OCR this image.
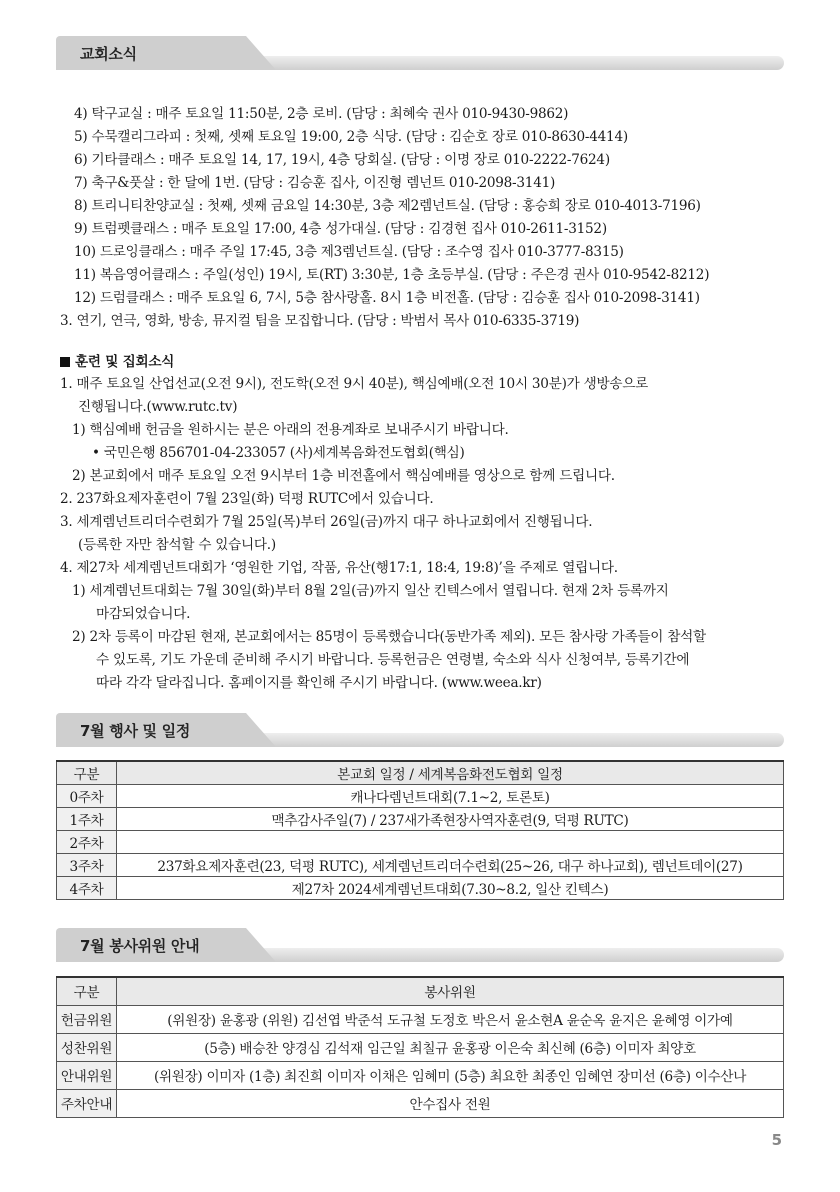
교회소식
4) 탁구교실 : 매주 토요일 11:50분, 2층 로비. (담당 : 최혜숙 권사 010-9430-9862)
5) 수묵캘리그라피 : 첫째, 셋째 토요일 19:00, 2층 식당. (담당 : 김순호 장로 010-8630-4414)
6) 기타클래스 : 매주 토요일 14, 17, 19시, 4층 당회실. (담당 : 이명 장로 010-2222-7624)
7) 축구&풋살 : 한 달에 1번. (담당 : 김승훈 집사, 이진형 렘넌트 010-2098-3141)
8) 트리니티찬양교실 : 첫째, 셋째 금요일 14:30분, 3층 제2렘넌트실. (담당 : 홍승희 장로 010-4013-7196)
9) 트럼펫클래스 : 매주 토요일 17:00, 4층 성가대실. (담당 : 김경현 집사 010-2611-3152)
10) 드로잉클래스 : 매주 주일 17:45, 3층 제3렘넌트실. (담당 : 조수영 집사 010-3777-8315)
11) 복음영어클래스 : 주일(성인) 19시, 토(RT) 3:30분, 1층 초등부실. (담당 : 주은경 권사 010-9542-8212)
12) 드럼클래스 : 매주 토요일 6, 7시, 5층 참사랑홀. 8시 1층 비전홀. (담당 : 김승훈 집사 010-2098-3141)
3. 연기, 연극, 영화, 방송, 뮤지컬 팀을 모집합니다. (담당 : 박범서 목사 010-6335-3719)
훈련 및 집회소식
1. 매주 토요일 산업선교(오전 9시), 전도학(오전 9시 40분), 핵심예배(오전 10시 30분)가 생방송으로
진행됩니다.(www.rutc.tv)
1) 핵심예배 헌금을 원하시는 분은 아래의 전용계좌로 보내주시기 바랍니다.
• 국민은행 856701-04-233057 (사)세계복음화전도협회(핵심)
2) 본교회에서 매주 토요일 오전 9시부터 1층 비전홀에서 핵심예배를 영상으로 함께 드립니다.
2. 237화요제자훈련이 7월 23일(화) 덕평 RUTC에서 있습니다.
3. 세계렘넌트리더수련회가 7월 25일(목)부터 26일(금)까지 대구 하나교회에서 진행됩니다.
(등록한 자만 참석할 수 있습니다.)
4. 제27차 세계렘넌트대회가 ‘영원한 기업, 작품, 유산(행17:1, 18:4, 19:8)’을 주제로 열립니다.
1) 세계렘넌트대회는 7월 30일(화)부터 8월 2일(금)까지 일산 킨텍스에서 열립니다. 현재 2차 등록까지
마감되었습니다.
2) 2차 등록이 마감된 현재, 본교회에서는 85명이 등록했습니다(동반가족 제외). 모든 참사랑 가족들이 참석할
수 있도록, 기도 가운데 준비해 주시기 바랍니다. 등록헌금은 연령별, 숙소와 식사 신청여부, 등록기간에
따라 각각 달라집니다. 홈페이지를 확인해 주시기 바랍니다. (www.weea.kr)
7월 행사 및 일정
구분	본교회 일정 / 세계복음화전도협회 일정
0주차	캐나다렘넌트대회(7.1~2, 토론토)
1주차	맥추감사주일(7) / 237새가족현장사역자훈련(9, 덕평 RUTC)
2주차	
3주차	237화요제자훈련(23, 덕평 RUTC), 세계렘넌트리더수련회(25~26, 대구 하나교회), 렘넌트데이(27)
4주차	제27차 2024세계렘넌트대회(7.30~8.2, 일산 킨텍스)
7월 봉사위원 안내
구분	봉사위원
헌금위원	(위원장) 윤홍광 (위원) 김선엽 박준석 도규철 도정호 박은서 윤소현A 윤순옥 윤지은 윤혜영 이가예
성찬위원	(5층) 배승찬 양경심 김석재 임근일 최칠규 윤홍광 이은숙 최신혜 (6층) 이미자 최양호
안내위원	(위원장) 이미자 (1층) 최진희 이미자 이채은 임혜미 (5층) 최요한 최종인 임혜연 장미선 (6층) 이수산나
주차안내	안수집사 전원
5
